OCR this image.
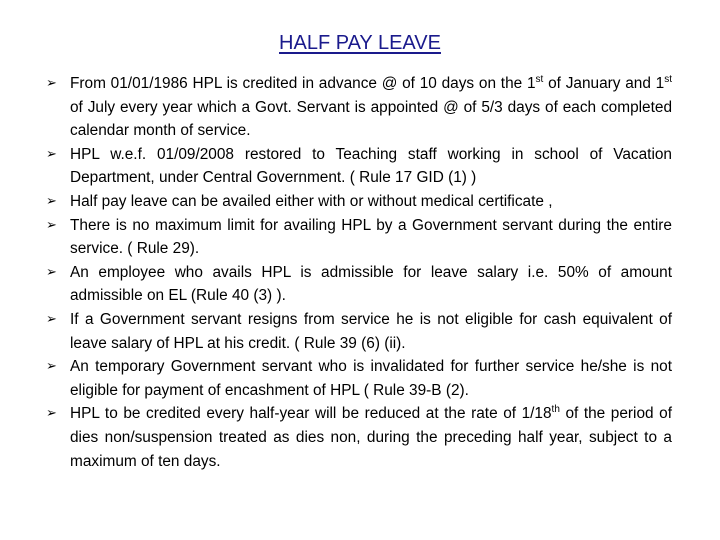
HALF PAY LEAVE
➢ From 01/01/1986 HPL is credited in advance @ of 10 days on the 1st of January and 1st of July every year which a Govt. Servant is appointed @ of 5/3 days of each completed calendar month of service.
➢ HPL w.e.f. 01/09/2008 restored to Teaching staff working in school of Vacation Department, under Central Government. ( Rule 17 GID (1) )
➢ Half pay leave can be availed either with or without medical certificate ,
➢ There is no maximum limit for availing HPL by a Government servant during the entire service. ( Rule 29).
➢ An employee who avails HPL is admissible for leave salary i.e. 50% of amount admissible on EL (Rule 40 (3) ).
➢ If a Government servant resigns from service he is not eligible for cash equivalent of leave salary of HPL at his credit. ( Rule 39 (6) (ii).
➢ An temporary Government servant who is invalidated for further service he/she is not eligible for payment of encashment of HPL ( Rule 39-B (2).
➢ HPL to be credited every half-year will be reduced at the rate of 1/18th of the period of dies non/suspension treated as dies non, during the preceding half year, subject to a maximum of ten days.
